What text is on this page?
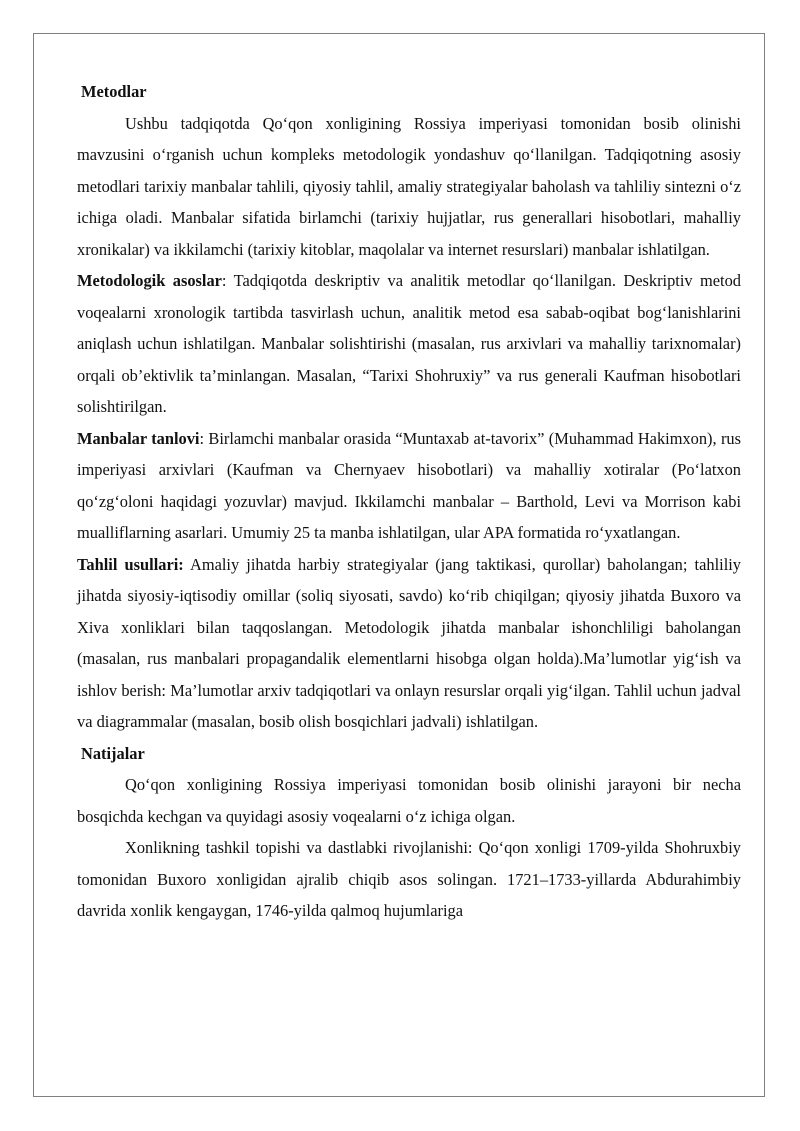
Metodlar

Ushbu tadqiqotda Qo‘qon xonligining Rossiya imperiyasi tomonidan bosib olinishi mavzusini o‘rganish uchun kompleks metodologik yondashuv qo‘llanilgan. Tadqiqotning asosiy metodlari tarixiy manbalar tahlili, qiyosiy tahlil, amaliy strategiyalar baholash va tahliliy sintezni o‘z ichiga oladi. Manbalar sifatida birlamchi (tarixiy hujjatlar, rus generallari hisobotlari, mahalliy xronikalar) va ikkilamchi (tarixiy kitoblar, maqolalar va internet resurslari) manbalar ishlatilgan.

Metodologik asoslar: Tadqiqotda deskriptiv va analitik metodlar qo‘llanilgan. Deskriptiv metod voqealarni xronologik tartibda tasvirlash uchun, analitik metod esa sabab-oqibat bog‘lanishlarini aniqlash uchun ishlatilgan. Manbalar solishtirishi (masalan, rus arxivlari va mahalliy tarixnomalar) orqali ob’ektivlik ta’minlangan. Masalan, “Tarixi Shohruxiy” va rus generali Kaufman hisobotlari solishtirilgan.

Manbalar tanlovi: Birlamchi manbalar orasida “Muntaxab at-tavorix” (Muhammad Hakimxon), rus imperiyasi arxivlari (Kaufman va Chernyaev hisobotlari) va mahalliy xotiralar (Po‘latxon qo‘zg‘oloni haqidagi yozuvlar) mavjud. Ikkilamchi manbalar – Barthold, Levi va Morrison kabi mualliflarning asarlari. Umumiy 25 ta manba ishlatilgan, ular APA formatida ro‘yxatlangan.

Tahlil usullari: Amaliy jihatda harbiy strategiyalar (jang taktikasi, qurollar) baholangan; tahliliy jihatda siyosiy-iqtisodiy omillar (soliq siyosati, savdo) ko‘rib chiqilgan; qiyosiy jihatda Buxoro va Xiva xonliklari bilan taqqoslangan. Metodologik jihatda manbalar ishonchliligi baholangan (masalan, rus manbalari propagandalik elementlarni hisobga olgan holda).Ma’lumotlar yig‘ish va ishlov berish: Ma’lumotlar arxiv tadqiqotlari va onlayn resurslar orqali yig‘ilgan. Tahlil uchun jadval va diagrammalar (masalan, bosib olish bosqichlari jadvali) ishlatilgan.

Natijalar

Qo‘qon xonligining Rossiya imperiyasi tomonidan bosib olinishi jarayoni bir necha bosqichda kechgan va quyidagi asosiy voqealarni o‘z ichiga olgan.

Xonlikning tashkil topishi va dastlabki rivojlanishi: Qo‘qon xonligi 1709-yilda Shohruxbiy tomonidan Buxoro xonligidan ajralib chiqib asos solingan. 1721–1733-yillarda Abdurahimbiy davrida xonlik kengaygan, 1746-yilda qalmoq hujumlariga
